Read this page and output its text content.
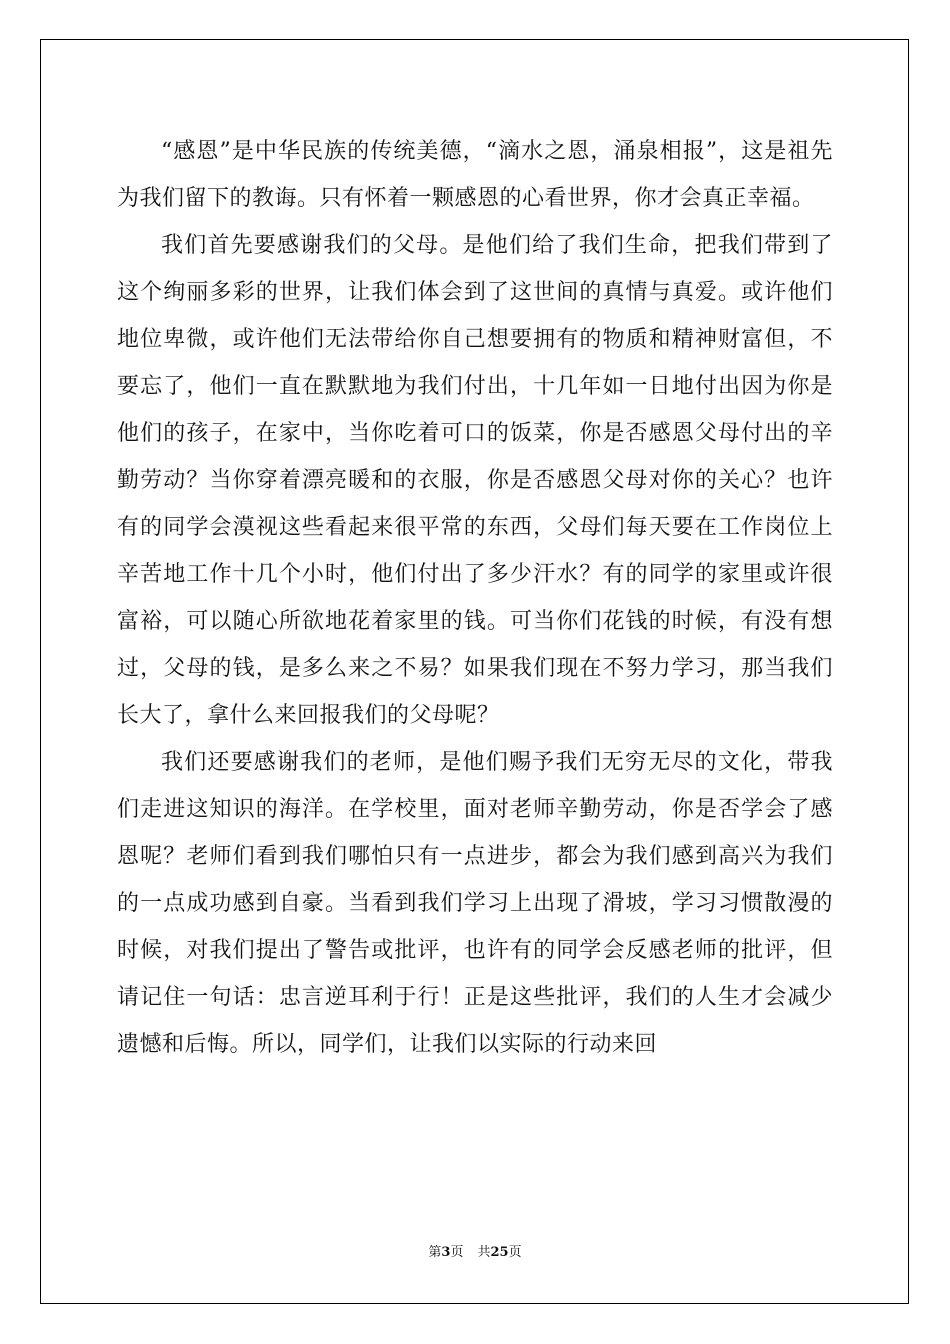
“感恩”是中华民族的传统美德，“滴水之恩，涌泉相报”，这是祖先为我们留下的教诲。只有怀着一颗感恩的心看世界，你才会真正幸福。

我们首先要感谢我们的父母。是他们给了我们生命，把我们带到了这个绚丽多彩的世界，让我们体会到了这世间的真情与真爱。或许他们地位卑微，或许他们无法带给你自己想要拥有的物质和精神财富但，不要忘了，他们一直在默默地为我们付出，十几年如一日地付出因为你是他们的孩子，在家中，当你吃着可口的饭菜，你是否感恩父母付出的辛勤劳动？当你穿着漂亮暖和的衣服，你是否感恩父母对你的关心？也许有的同学会漠视这些看起来很平常的东西，父母们每天要在工作岗位上辛苦地工作十几个小时，他们付出了多少汗水？有的同学的家里或许很富裕，可以随心所欲地花着家里的钱。可当你们花钱的时候，有没有想过，父母的钱，是多么来之不易？如果我们现在不努力学习，那当我们长大了，拿什么来回报我们的父母呢？

我们还要感谢我们的老师，是他们赐予我们无穷无尽的文化，带我们走进这知识的海洋。在学校里，面对老师辛勤劳动，你是否学会了感恩呢？老师们看到我们哪怕只有一点进步，都会为我们感到高兴为我们的一点成功感到自豪。当看到我们学习上出现了滑坡，学习习惯散漫的时候，对我们提出了警告或批评，也许有的同学会反感老师的批评，但请记住一句话：忠言逆耳利于行！正是这些批评，我们的人生才会减少遗憾和后悔。所以，同学们，让我们以实际的行动来回

第3页 共25页
